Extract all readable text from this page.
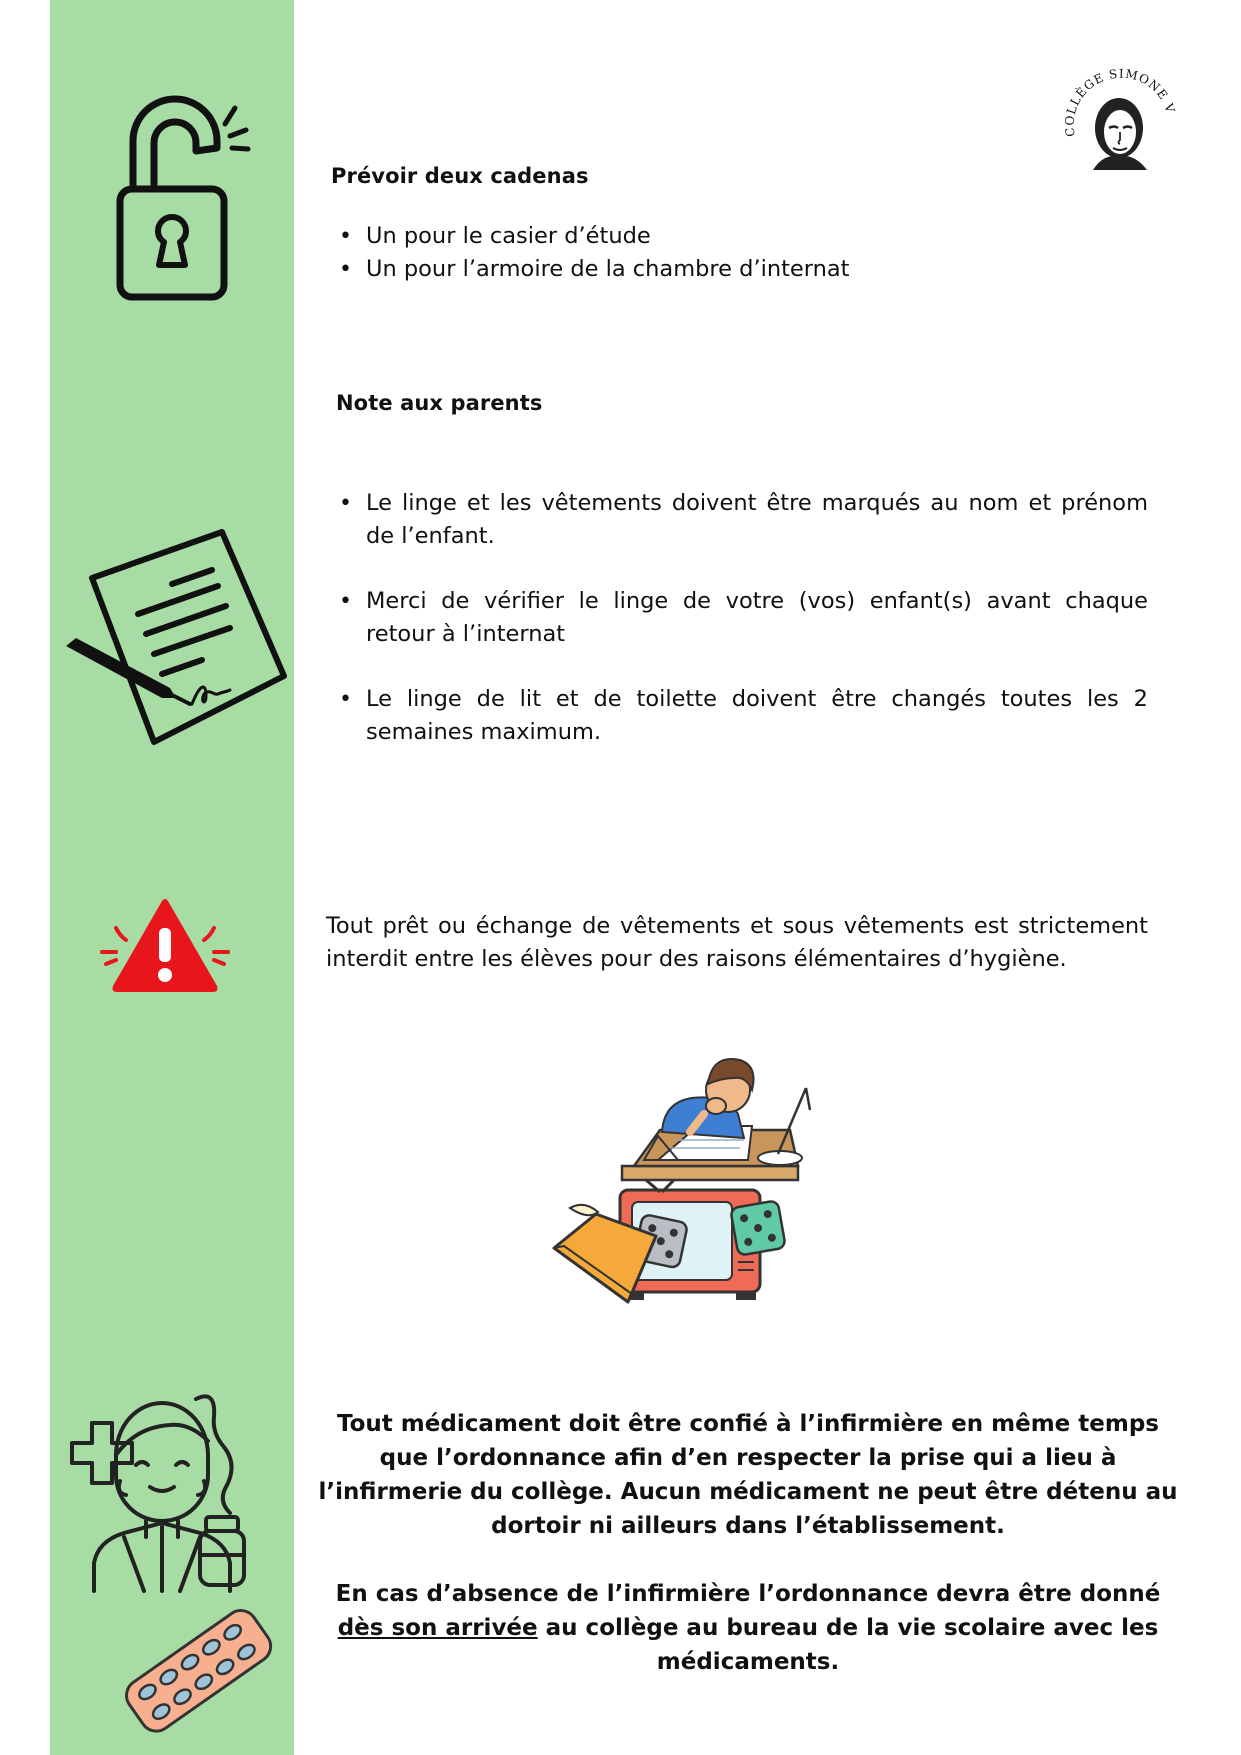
COLLÈGE SIMONE VEIL
Prévoir deux cadenas
• Un pour le casier d’étude
• Un pour l’armoire de la chambre d’internat
Note aux parents
• Le linge et les vêtements doivent être marqués au nom et prénom de l’enfant.
• Merci de vérifier le linge de votre (vos) enfant(s) avant chaque retour à l’internat
• Le linge de lit et de toilette doivent être changés toutes les 2 semaines maximum.
Tout prêt ou échange de vêtements et sous vêtements est strictement interdit entre les élèves pour des raisons élémentaires d’hygiène.
Tout médicament doit être confié à l’infirmière en même temps que l’ordonnance afin d’en respecter la prise qui a lieu à l’infirmerie du collège. Aucun médicament ne peut être détenu au dortoir ni ailleurs dans l’établissement.
En cas d’absence de l’infirmière l’ordonnance devra être donné dès son arrivée au collège au bureau de la vie scolaire avec les médicaments.
